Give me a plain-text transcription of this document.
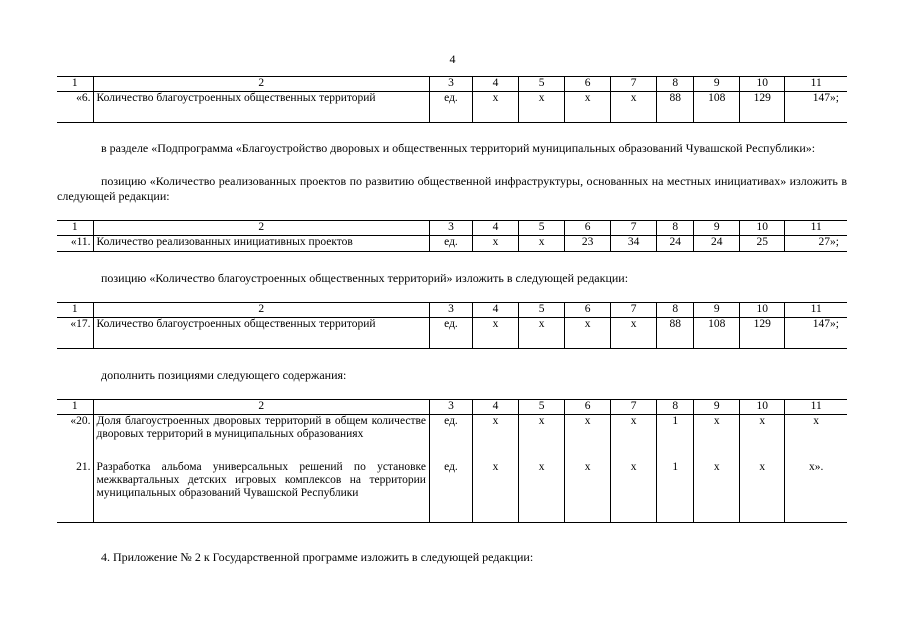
4
1	2	3	4	5	6	7	8	9	10	11
«6.	Количество благоустроенных общественных территорий	ед.	x	x	x	x	88	108	129	147»;
в разделе «Подпрограмма «Благоустройство дворовых и общественных территорий муниципальных образований Чувашской Республики»:
позицию «Количество реализованных проектов по развитию общественной инфраструктуры, основанных на местных инициативах» изложить в следующей редакции:
1	2	3	4	5	6	7	8	9	10	11
«11.	Количество реализованных инициативных проектов	ед.	x	x	23	34	24	24	25	27»;
позицию «Количество благоустроенных общественных территорий» изложить в следующей редакции:
1	2	3	4	5	6	7	8	9	10	11
«17.	Количество благоустроенных общественных территорий	ед.	x	x	x	x	88	108	129	147»;
дополнить позициями следующего содержания:
1	2	3	4	5	6	7	8	9	10	11
«20.	Доля благоустроенных дворовых территорий в общем количестве дворовых территорий в муниципальных образованиях	ед.	x	x	x	x	1	x	x	x
21.	Разработка альбома универсальных решений по установке межквартальных детских игровых комплексов на территории муниципальных образований Чувашской Республики	ед.	x	x	x	x	1	x	x	x».
4. Приложение № 2 к Государственной программе изложить в следующей редакции:
